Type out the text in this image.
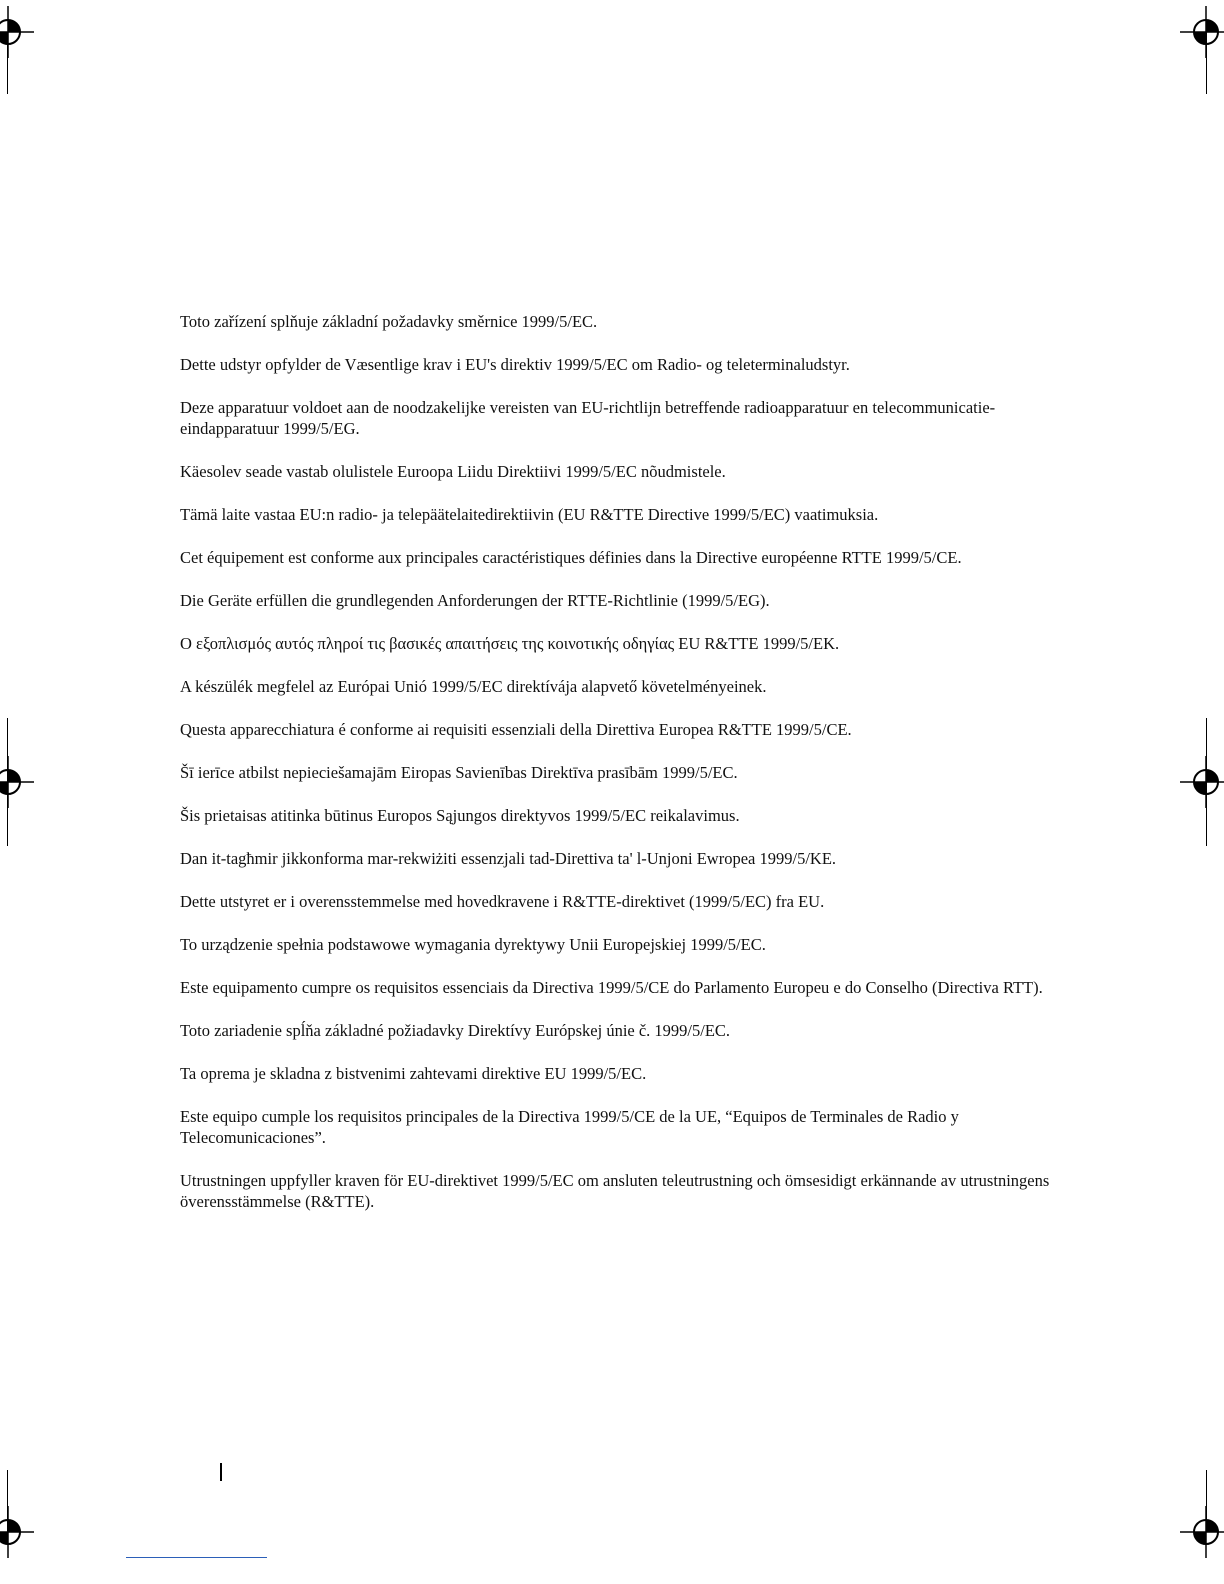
Toto zařízení splňuje základní požadavky směrnice 1999/5/EC.

Dette udstyr opfylder de Væsentlige krav i EU's direktiv 1999/5/EC om Radio- og teleterminaludstyr.

Deze apparatuur voldoet aan de noodzakelijke vereisten van EU-richtlijn betreffende radioapparatuur en telecommunicatie-eindapparatuur 1999/5/EG.

Käesolev seade vastab olulistele Euroopa Liidu Direktiivi 1999/5/EC nõudmistele.

Tämä laite vastaa EU:n radio- ja telepäätelaitedirektiivin (EU R&TTE Directive 1999/5/EC) vaatimuksia.

Cet équipement est conforme aux principales caractéristiques définies dans la Directive européenne RTTE 1999/5/CE.

Die Geräte erfüllen die grundlegenden Anforderungen der RTTE-Richtlinie (1999/5/EG).

Ο εξοπλισμός αυτός πληροί τις βασικές απαιτήσεις της κοινοτικής οδηγίας EU R&TTE 1999/5/EK.

A készülék megfelel az Európai Unió 1999/5/EC direktívája alapvető követelményeinek.

Questa apparecchiatura é conforme ai requisiti essenziali della Direttiva Europea R&TTE 1999/5/CE.

Šī ierīce atbilst nepieciešamajām Eiropas Savienības Direktīva prasībām 1999/5/EC.

Šis prietaisas atitinka būtinus Europos Sąjungos direktyvos 1999/5/EC reikalavimus.

Dan it-tagħmir jikkonforma mar-rekwiżiti essenzjali tad-Direttiva ta' l-Unjoni Ewropea 1999/5/KE.

Dette utstyret er i overensstemmelse med hovedkravene i R&TTE-direktivet (1999/5/EC) fra EU.

To urządzenie spełnia podstawowe wymagania dyrektywy Unii Europejskiej 1999/5/EC.

Este equipamento cumpre os requisitos essenciais da Directiva 1999/5/CE do Parlamento Europeu e do Conselho (Directiva RTT).

Toto zariadenie spĺňa základné požiadavky Direktívy Európskej únie č. 1999/5/EC.

Ta oprema je skladna z bistvenimi zahtevami direktive EU 1999/5/EC.

Este equipo cumple los requisitos principales de la Directiva 1999/5/CE de la UE, “Equipos de Terminales de Radio y Telecomunicaciones”.

Utrustningen uppfyller kraven för EU-direktivet 1999/5/EC om ansluten teleutrustning och ömsesidigt erkännande av utrustningens överensstämmelse (R&TTE).
